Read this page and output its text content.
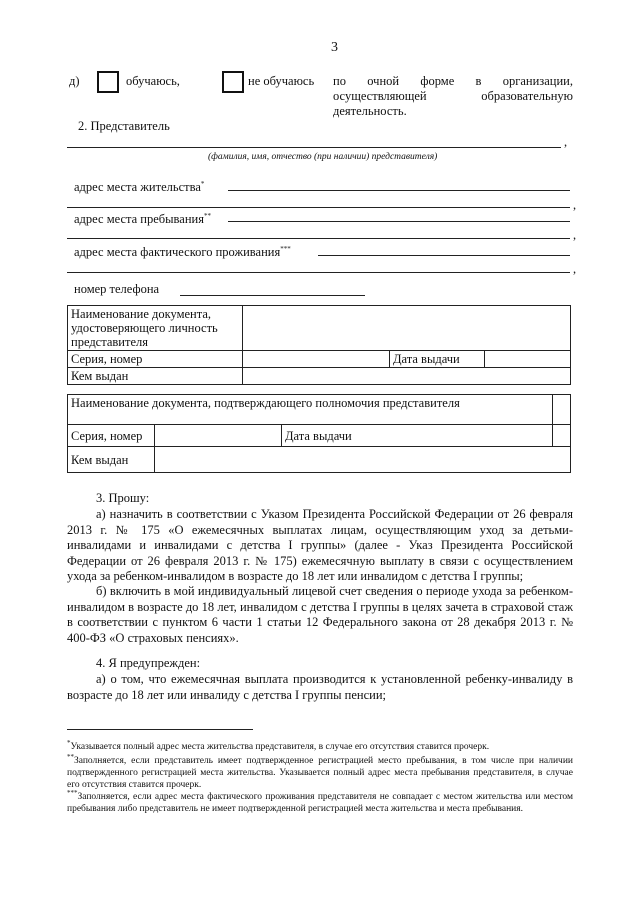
3
д)	обучаюсь,	не обучаюсь по очной форме в организации,
осуществляющей образовательную
деятельность.
2. Представитель
,
(фамилия, имя, отчество (при наличии) представителя)
адрес места жительства*
адрес места пребывания**
,
,
адрес места фактического проживания***
,
номер телефона
Наименование документа, удостоверяющего личность представителя			
Серия, номер		Дата выдачи	
Кем выдан			
Наименование документа, подтверждающего полномочия представителя			
Серия, номер		Дата выдачи	
Кем выдан			
3. Прошу:
а) назначить в соответствии с Указом Президента Российской Федерации от 26 февраля 2013 г. № 175 «О ежемесячных выплатах лицам, осуществляющим уход за детьми-инвалидами и инвалидами с детства I группы» (далее - Указ Президента Российской Федерации от 26 февраля 2013 г. № 175) ежемесячную выплату в связи с осуществлением ухода за ребенком-инвалидом в возрасте до 18 лет или инвалидом с детства I группы;
б) включить в мой индивидуальный лицевой счет сведения о периоде ухода за ребенком-инвалидом в возрасте до 18 лет, инвалидом с детства I группы в целях зачета в страховой стаж в соответствии с пунктом 6 части 1 статьи 12 Федерального закона от 28 декабря 2013 г. № 400-ФЗ «О страховых пенсиях».
4. Я предупрежден:
а) о том, что ежемесячная выплата производится к установленной ребенку-инвалиду в возрасте до 18 лет или инвалиду с детства I группы пенсии;
*Указывается полный адрес места жительства представителя, в случае его отсутствия ставится прочерк.
**Заполняется, если представитель имеет подтвержденное регистрацией место пребывания, в том числе при наличии подтвержденного регистрацией места жительства. Указывается полный адрес места пребывания представителя, в случае его отсутствия ставится прочерк.
***Заполняется, если адрес места фактического проживания представителя не совпадает с местом жительства или местом пребывания либо представитель не имеет подтвержденной регистрацией места жительства и места пребывания.
